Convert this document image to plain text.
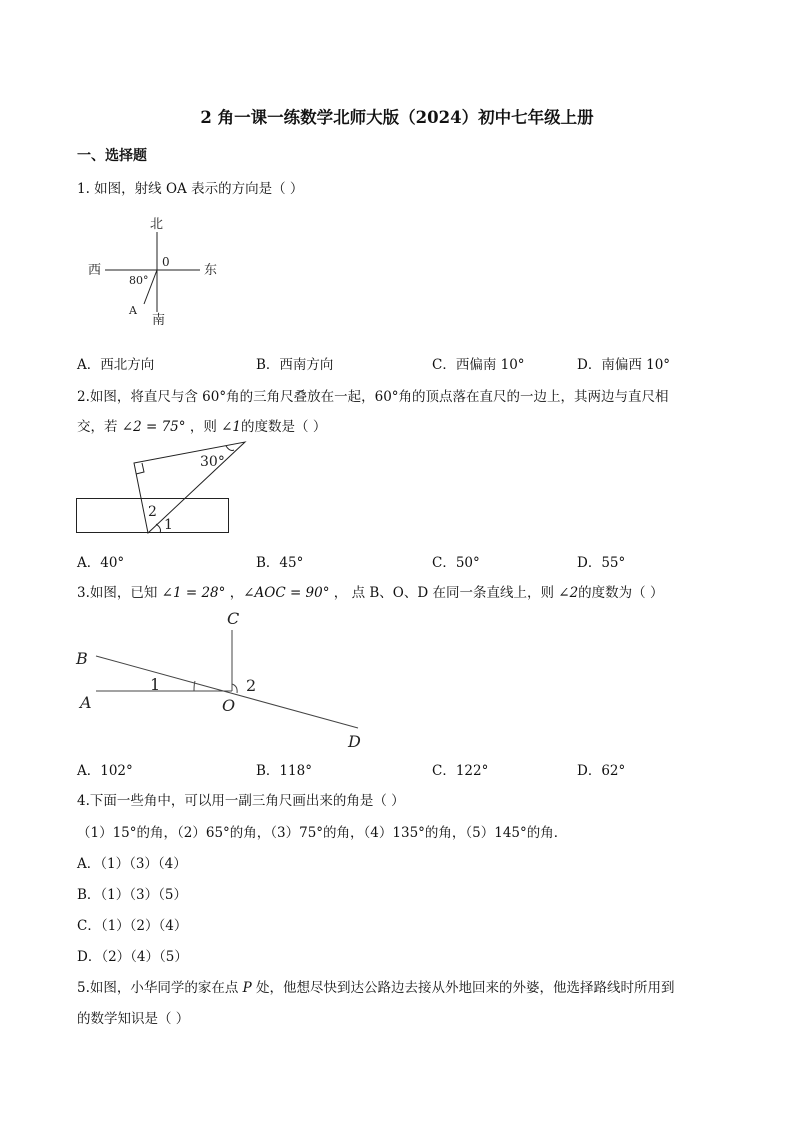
2 角一课一练数学北师大版（2024）初中七年级上册
一、选择题
1. 如图，射线 OA 表示的方向是（ ）
北
南
西	东
0
80°
A
A．西北方向	B．西南方向	C．西偏南 10°	D．南偏西 10°
2.如图，将直尺与含 60°角的三角尺叠放在一起，60°角的顶点落在直尺的一边上，其两边与直尺相
交，若 ∠2 = 75° ，则 ∠1的度数是（ ）
30°
2
1
A．40°	B．45°	C．50°	D．55°
3.如图，已知 ∠1 = 28° ，∠AOC = 90° ， 点 B、O、D 在同一条直线上，则 ∠2的度数为（ ）
C
B
A	O
D
1	2
A．102°	B．118°	C．122°	D．62°
4.下面一些角中，可以用一副三角尺画出来的角是（ ）
（1）15°的角，（2）65°的角，（3）75°的角，（4）135°的角，（5）145°的角．
A．（1）（3）（4）
B．（1）（3）（5）
C．（1）（2）（4）
D．（2）（4）（5）
5.如图，小华同学的家在点 P 处，他想尽快到达公路边去接从外地回来的外婆，他选择路线时所用到
的数学知识是（ ）
